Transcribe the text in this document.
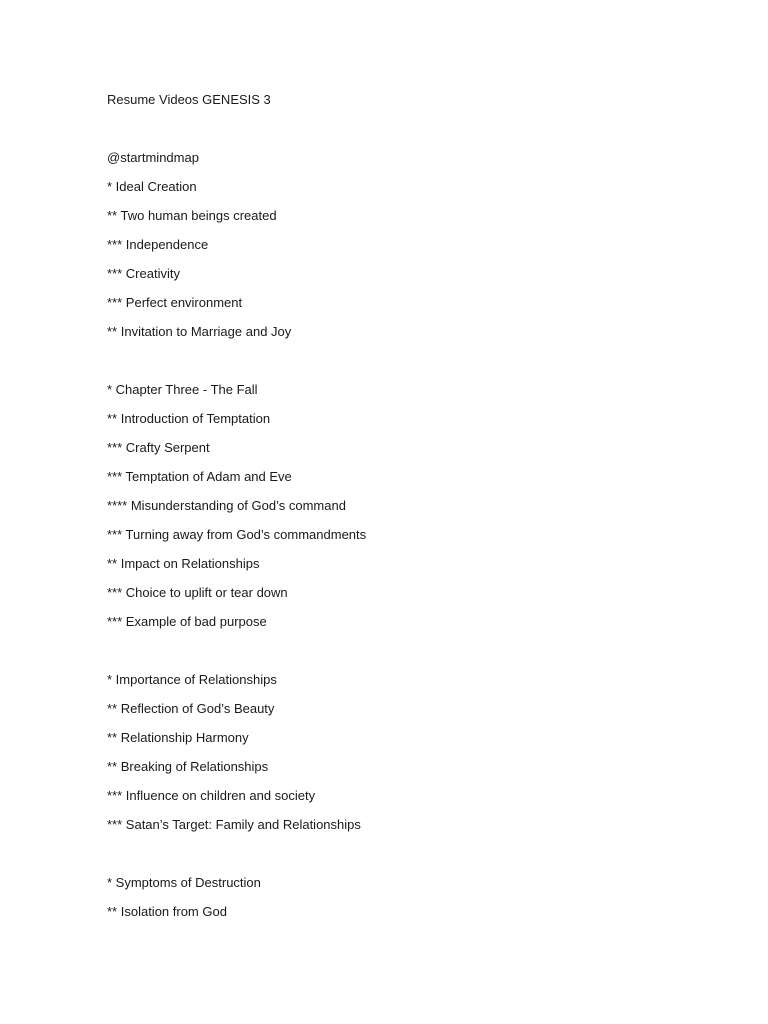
Resume Videos GENESIS 3
@startmindmap
* Ideal Creation
** Two human beings created
*** Independence
*** Creativity
*** Perfect environment
** Invitation to Marriage and Joy
* Chapter Three - The Fall
** Introduction of Temptation
*** Crafty Serpent
*** Temptation of Adam and Eve
**** Misunderstanding of God’s command
*** Turning away from God’s commandments
** Impact on Relationships
*** Choice to uplift or tear down
*** Example of bad purpose
* Importance of Relationships
** Reflection of God’s Beauty
** Relationship Harmony
** Breaking of Relationships
*** Influence on children and society
*** Satan’s Target: Family and Relationships
* Symptoms of Destruction
** Isolation from God
